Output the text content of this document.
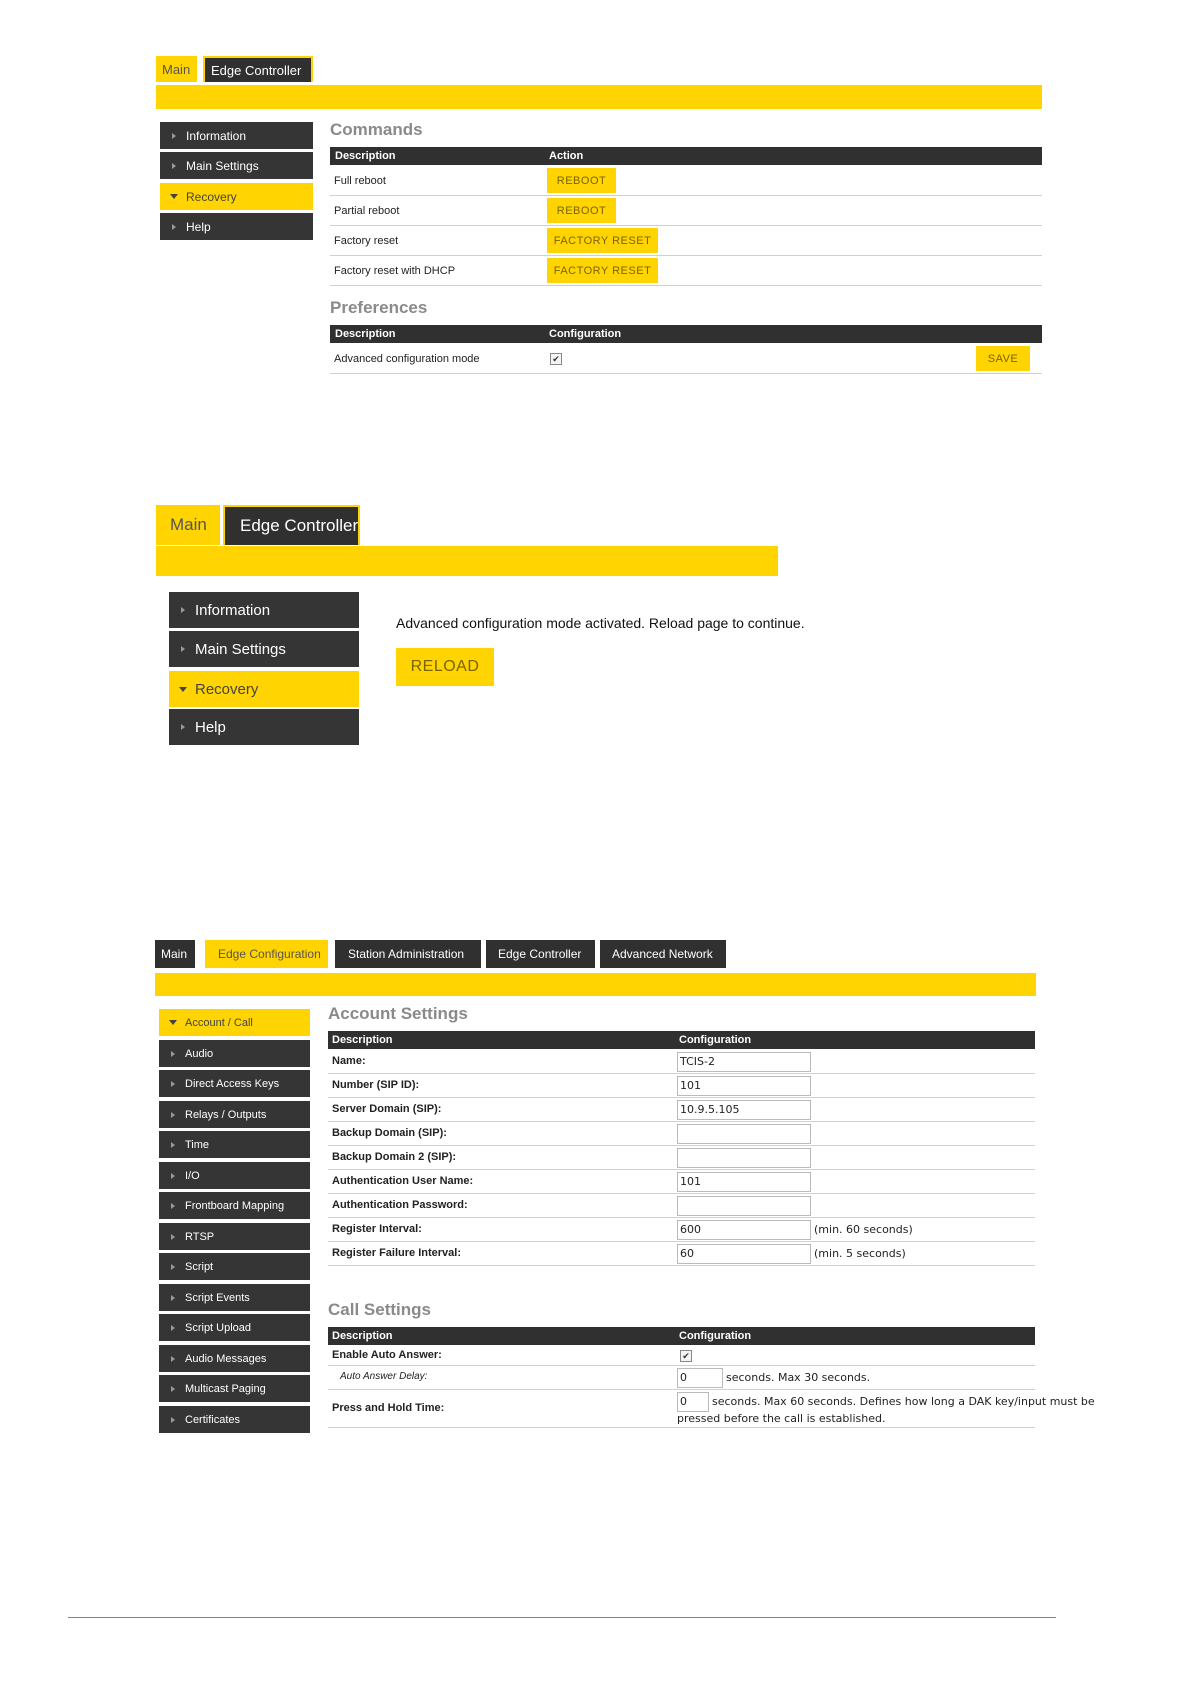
Main	Edge Controller
Information
Main Settings
Recovery
Help
Commands
Description	Action
Full reboot	REBOOT
Partial reboot	REBOOT
Factory reset	FACTORY RESET
Factory reset with DHCP	FACTORY RESET
Preferences
Description	Configuration
Advanced configuration mode	✔	SAVE
Main	Edge Controller
Information
Main Settings
Recovery
Help
Advanced configuration mode activated. Reload page to continue.
RELOAD
Main	Edge Configuration	Station Administration	Edge Controller	Advanced Network
Account / Call
Audio
Direct Access Keys
Relays / Outputs
Time
I/O
Frontboard Mapping
RTSP
Script
Script Events
Script Upload
Audio Messages
Multicast Paging
Certificates
Account Settings
Description	Configuration
Name:	TCIS-2
Number (SIP ID):	101
Server Domain (SIP):	10.9.5.105
Backup Domain (SIP):
Backup Domain 2 (SIP):
Authentication User Name:	101
Authentication Password:
Register Interval:	600	(min. 60 seconds)
Register Failure Interval:	60	(min. 5 seconds)
Call Settings
Description	Configuration
Enable Auto Answer:	✔
Auto Answer Delay:	0	seconds. Max 30 seconds.
Press and Hold Time:	0	seconds. Max 60 seconds. Defines how long a DAK key/input must be
pressed before the call is established.
